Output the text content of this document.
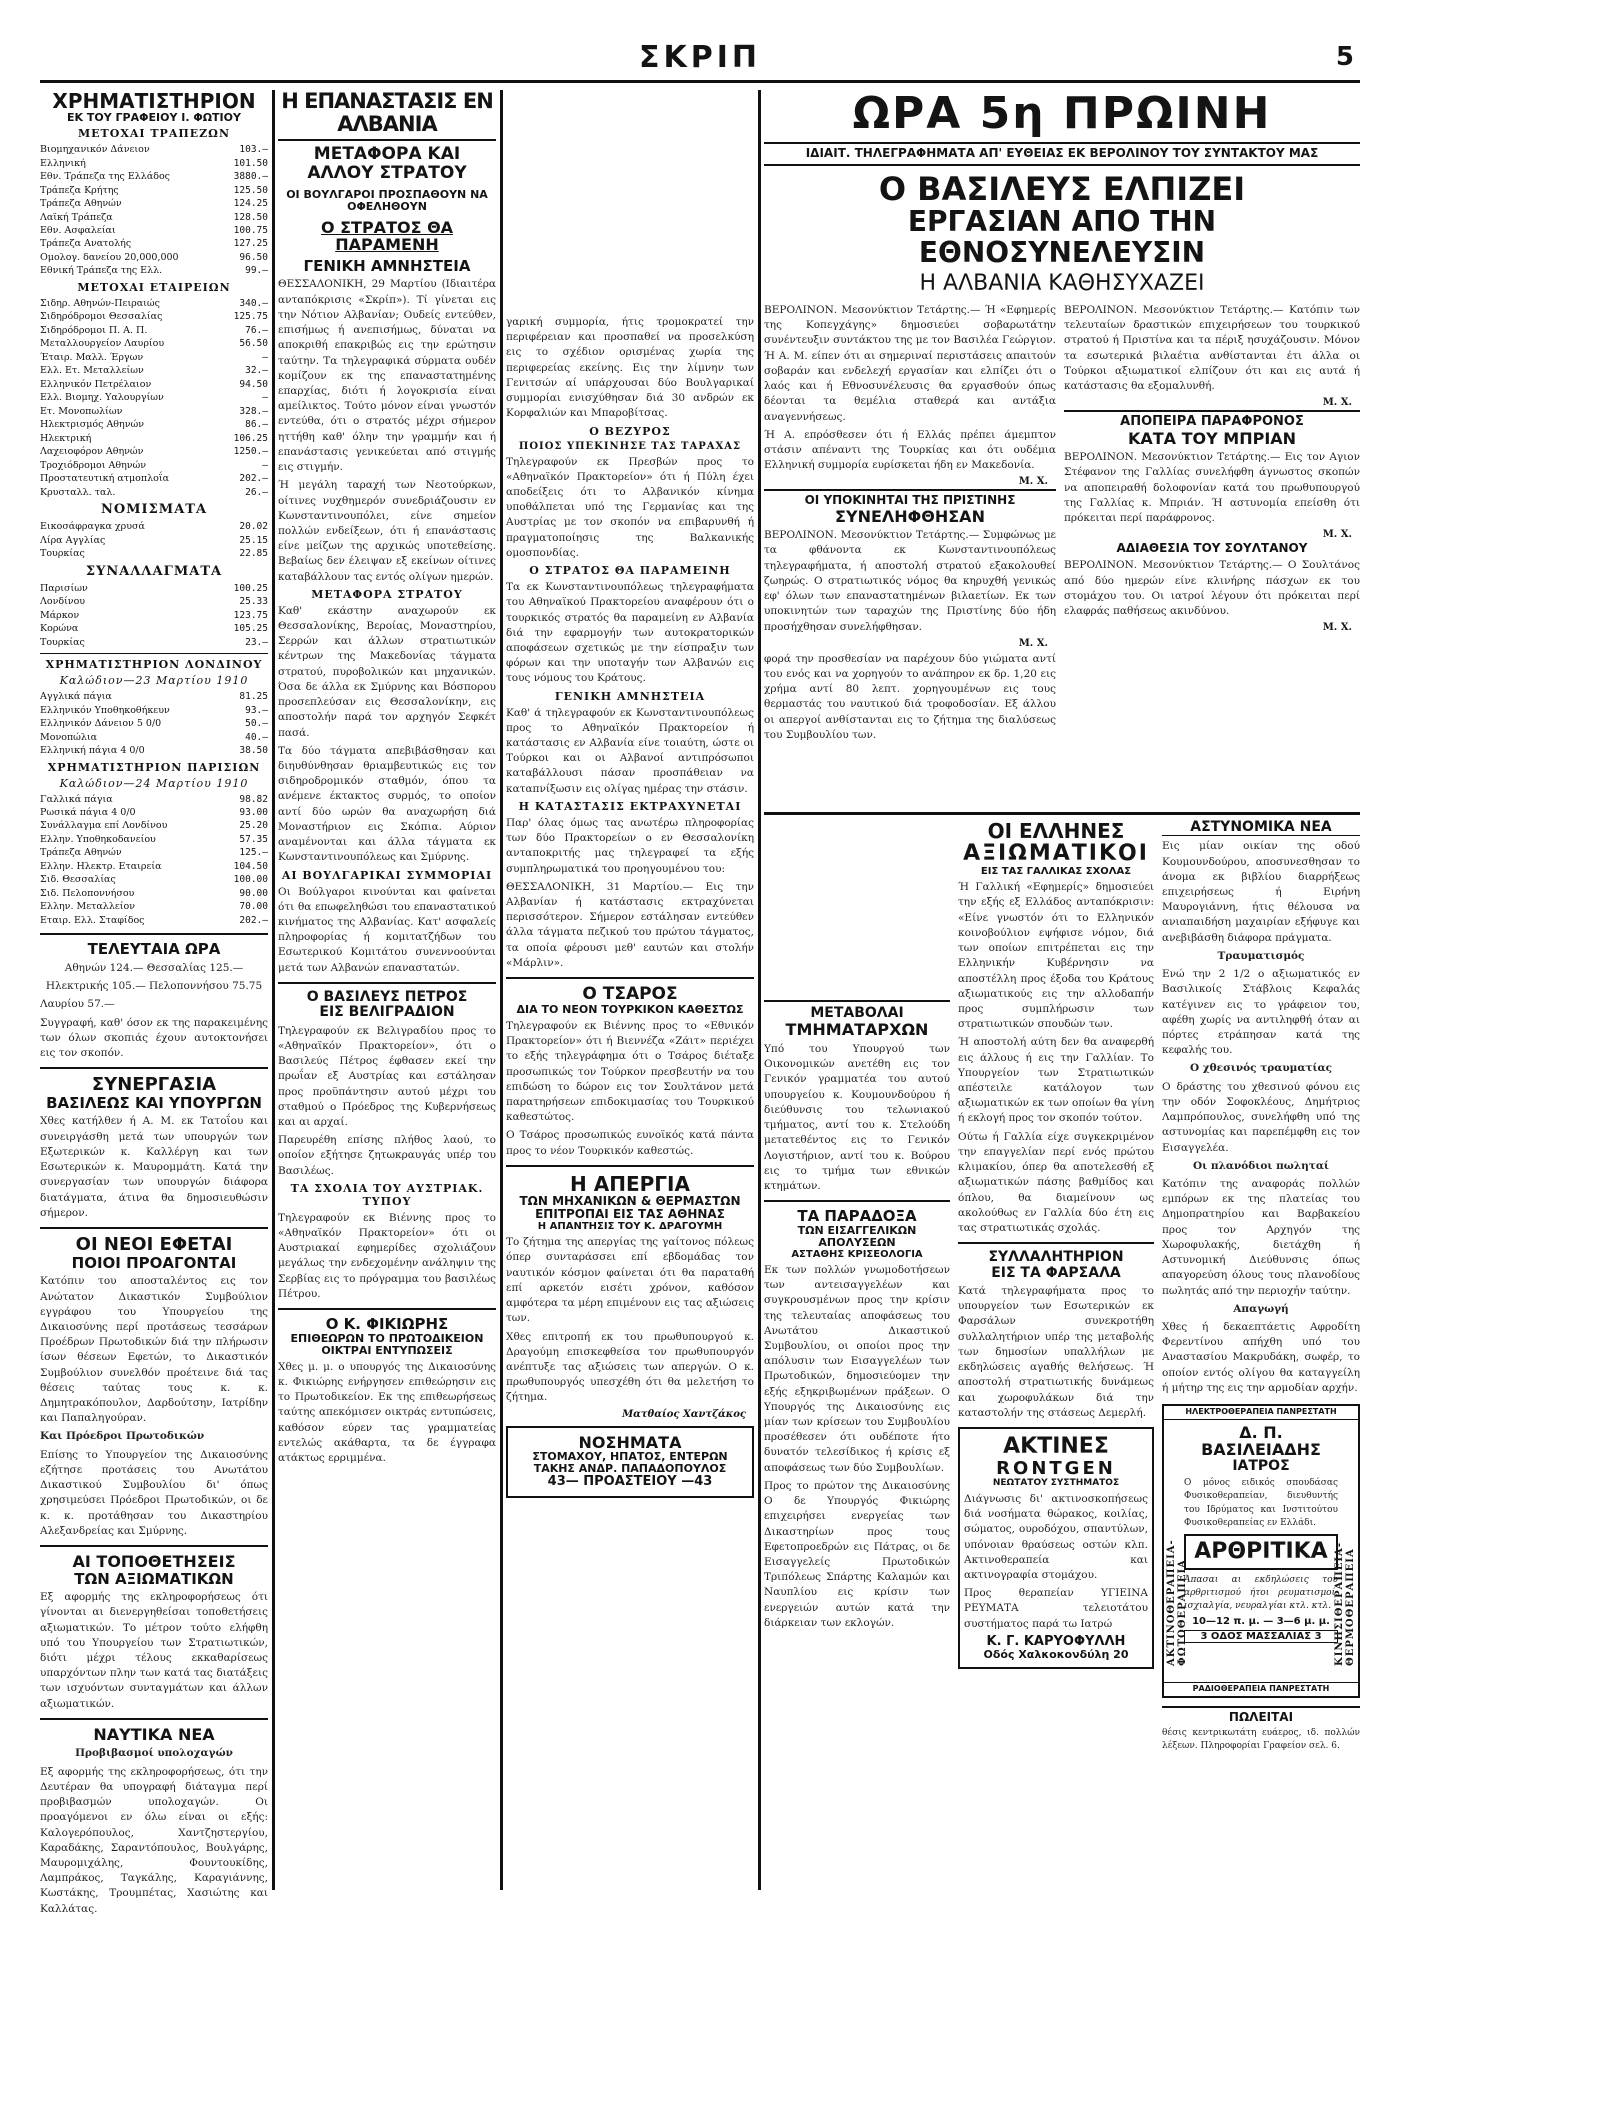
ΣΚΡΙΠ	5
ΧΡΗΜΑΤΙΣΤΗΡΙΟΝ
ΕΚ ΤΟΥ ΓΡΑΦΕΙΟΥ Ι. ΦΩΤΙΟΥ
ΜΕΤΟΧΑΙ ΤΡΑΠΕΖΩΝ
Βιομηχανικόν Δάνειον	103.—
Ελληνική	101.50
Εθν. Τράπεζα της Ελλάδος	3880.—
Τράπεζα Κρήτης	125.50
Τράπεζα Αθηνών	124.25
Λαϊκή Τράπεζα	128.50
Εθν. Ασφαλείαι	100.75
Τράπεζα Ανατολής	127.25
Ομολογ. δανείου 20,000,000	96.50
Εθνική Τράπεζα της Ελλ.	99.—
ΜΕΤΟΧΑΙ ΕΤΑΙΡΕΙΩΝ
Σιδηρ. Αθηνών-Πειραιώς	340.—
Σιδηρόδρομοι Θεσσαλίας	125.75
Σιδηρόδρομοι Π. Α. Π.	76.—
Μεταλλουργείον Λαυρίου	56.50
Έταιρ. Μαλλ. Έργων	—
Ελλ. Ετ. Μεταλλείων	32.—
Ελληνικόν Πετρέλαιον	94.50
Ελλ. Βιομηχ. Υαλουργίων	—
Ετ. Μονοπωλίων	328.—
Ηλεκτρισμός Αθηνών	86.—
Ηλεκτρική	106.25
Λαχειοφόρον Αθηνών	1250.—
Τροχιόδρομοι Αθηνών	—
Προστατευτική ατμοπλοΐα	202.—
Κρυσταλλ. ταλ.	26.—
ΝΟΜΙΣΜΑΤΑ
Εικοσάφραγκα χρυσά	20.02
Λίρα Αγγλίας	25.15
Τουρκίας	22.85
ΣΥΝΑΛΛΑΓΜΑΤΑ
Παρισίων	100.25
Λονδίνου	25.33
Μάρκον	123.75
Κορώνα	105.25
Τουρκίας	23.—
ΧΡΗΜΑΤΙΣΤΗΡΙΟΝ ΛΟΝΔΙΝΟΥ
Καλώδιον—23 Μαρτίου 1910
Αγγλικά πάγια	81.25
Ελληνικόν Υποθηκοθήκευν	93.—
Ελληνικόν Δάνειον 5 0/0	50.—
Μονοπώλια	40.—
Ελληνική πάγια 4 0/0	38.50
ΧΡΗΜΑΤΙΣΤΗΡΙΟΝ ΠΑΡΙΣΙΩΝ
Καλώδιον—24 Μαρτίου 1910
Γαλλικά πάγια	98.82
Ρωσικά πάγια 4 0/0	93.00
Συνάλλαγμα επί Λονδίνου	25.20
Ελλην. Υποθηκοδανείου	57.35
Τράπεζα Αθηνών	125.—
Ελλην. Ηλεκτρ. Εταιρεία	104.50
Σιδ. Θεσσαλίας	100.00
Σιδ. Πελοποννήσου	90.00
Ελλην. Μεταλλείον	70.00
Εταιρ. Ελλ. Σταφίδος	202.—
ΤΕΛΕΥΤΑΙΑ ΩΡΑ
Αθηνών 124.— Θεσσαλίας 125.—
Ηλεκτρικής 105.— Πελοποννήσου 75.75
Λαυρίου 57.—
Συγγραφή, καθ' όσον εκ της παρακειμένης των όλων σκοπιάς έχουν αυτοκτονήσει εις τον σκοπόν.
ΣΥΝΕΡΓΑΣΙΑ
ΒΑΣΙΛΕΩΣ ΚΑΙ ΥΠΟΥΡΓΩΝ
Χθες κατήλθεν ή Α. Μ. εκ Τατοΐου και συνειργάσθη μετά των υπουργών των Εξωτερικών κ. Καλλέργη και των Εσωτερικών κ. Μαυρομμάτη. Κατά την συνεργασίαν των υπουργών διάφορα διατάγματα, άτινα θα δημοσιευθώσιν σήμερον.
ΟΙ ΝΕΟΙ ΕΦΕΤΑΙ
ΠΟΙΟΙ ΠΡΟΑΓΟΝΤΑΙ
Κατόπιν του αποσταλέντος εις τον Ανώτατον Δικαστικόν Συμβούλιον εγγράφου του Υπουργείου της Δικαιοσύνης περί προτάσεως τεσσάρων Προέδρων Πρωτοδικών διά την πλήρωσιν ίσων θέσεων Εφετών, το Δικαστικόν Συμβούλιον συνελθόν προέτεινε διά τας θέσεις ταύτας τους κ. κ. Δημητρακόπουλον, Δαρδούτσην, Ιατρίδην και Παπαληγούραν.
Και Πρόεδροι Πρωτοδικών
Επίσης το Υπουργείον της Δικαιοσύνης εζήτησε προτάσεις του Ανωτάτου Δικαστικού Συμβουλίου δι' όπως χρησιμεύσει Πρόεδροι Πρωτοδικών, οι δε κ. κ. προτάθησαν του Δικαστηρίου Αλεξανδρείας και Σμύρνης.
ΑΙ ΤΟΠΟΘΕΤΗΣΕΙΣ
ΤΩΝ ΑΞΙΩΜΑΤΙΚΩΝ
Εξ αφορμής της εκληροφορήσεως ότι γίνονται αι διενεργηθείσαι τοποθετήσεις αξιωματικών. Το μέτρον τούτο ελήφθη υπό του Υπουργείου των Στρατιωτικών, διότι μέχρι τέλους εκκαθαρίσεως υπαρχόντων πλην των κατά τας διατάξεις των ισχυόντων συνταγμάτων και άλλων αξιωματικών.
ΝΑΥΤΙΚΑ ΝΕΑ
Προβιβασμοί υπολοχαγών
Εξ αφορμής της εκληροφορήσεως, ότι την Δευτέραν θα υπογραφή διάταγμα περί προβιβασμών υπολοχαγών. Οι προαγόμενοι εν όλω είναι οι εξής: Καλογερόπουλος, Χαντζηστεργίου, Καραδάκης, Σαραντόπουλος, Βουλγάρης, Μαυρομιχάλης, Φουντουκίδης, Λαμπράκος, Ταγκάλης, Καραγιάννης, Κωστάκης, Τρουμπέτας, Χασιώτης και Καλλάτας.
Η ΕΠΑΝΑΣΤΑΣΙΣ ΕΝ ΑΛΒΑΝΙΑ
ΜΕΤΑΦΟΡΑ ΚΑΙ ΑΛΛΟΥ ΣΤΡΑΤΟΥ
ΟΙ ΒΟΥΛΓΑΡΟΙ ΠΡΟΣΠΑΘΟΥΝ ΝΑ ΟΦΕΛΗΘΟΥΝ
Ο ΣΤΡΑΤΟΣ ΘΑ ΠΑΡΑΜΕΝΗ
ΓΕΝΙΚΗ ΑΜΝΗΣΤΕΙΑ
ΘΕΣΣΑΛΟΝΙΚΗ, 29 Μαρτίου (Ιδιαιτέρα ανταπόκρισις «Σκρίπ»). Τί γίνεται εις την Νότιον Αλβανίαν; Ουδείς εντεύθεν, επισήμως ή ανεπισήμως, δύναται να αποκριθή επακριβώς εις την ερώτησιν ταύτην. Τα τηλεγραφικά σύρματα ουδέν κομίζουν εκ της επαναστατημένης επαρχίας, διότι ή λογοκρισία είναι αμείλικτος. Τούτο μόνον είναι γνωστόν εντεύθα, ότι ο στρατός μέχρι σήμερον ηττήθη καθ' όλην την γραμμήν και ή επανάστασις γενικεύεται από στιγμής εις στιγμήν.
Ή μεγάλη ταραχή των Νεοτούρκων, οίτινες νυχθημερόν συνεδριάζουσιν εν Κωνσταντινουπόλει, είνε σημείον πολλών ενδείξεων, ότι ή επανάστασις είνε μείζων της αρχικώς υποτεθείσης. Βεβαίως δεν έλειψαν εξ εκείνων οίτινες καταβάλλουν τας εντός ολίγων ημερών.
ΜΕΤΑΦΟΡΑ ΣΤΡΑΤΟΥ
Καθ' εκάστην αναχωρούν εκ Θεσσαλονίκης, Βεροίας, Μοναστηρίου, Σερρών και άλλων στρατιωτικών κέντρων της Μακεδονίας τάγματα στρατού, πυροβολικών και μηχανικών. Όσα δε άλλα εκ Σμύρνης και Βόσπορου προσεπλεύσαν εις Θεσσαλονίκην, εις αποστολήν παρά τον αρχηγόν Σεφκέτ πασά.
Τα δύο τάγματα απεβιβάσθησαν και διηυθύνθησαν θριαμβευτικώς εις τον σιδηροδρομικόν σταθμόν, όπου τα ανέμενε έκτακτος συρμός, το οποίον αντί δύο ωρών θα αναχωρήση διά Μοναστήριον εις Σκόπια. Αύριον αναμένονται και άλλα τάγματα εκ Κωνσταντινουπόλεως και Σμύρνης.
ΑΙ ΒΟΥΛΓΑΡΙΚΑΙ ΣΥΜΜΟΡΙΑΙ
Οι Βούλγαροι κινούνται και φαίνεται ότι θα επωφεληθώσι του επαναστατικού κινήματος της Αλβανίας. Κατ' ασφαλείς πληροφορίας ή κομιτατζήδων του Εσωτερικού Κομιτάτου συνεννοούνται μετά των Αλβανών επαναστατών.
Ο ΒΑΣΙΛΕΥΣ ΠΕΤΡΟΣ
ΕΙΣ ΒΕΛΙΓΡΑΔΙΟΝ
Τηλεγραφούν εκ Βελιγραδίου προς το «Αθηναϊκόν Πρακτορείον», ότι ο Βασιλεύς Πέτρος έφθασεν εκεί την πρωΐαν εξ Αυστρίας και εστάλησαν προς προϋπάντησιν αυτού μέχρι του σταθμού ο Πρόεδρος της Κυβερνήσεως και αι αρχαί.
Παρευρέθη επίσης πλήθος λαού, το οποίον εξήτησε ζητωκραυγάς υπέρ του Βασιλέως.
ΤΑ ΣΧΟΛΙΑ ΤΟΥ ΑΥΣΤΡΙΑΚ. ΤΥΠΟΥ
Τηλεγραφούν εκ Βιέννης προς το «Αθηναϊκόν Πρακτορείον» ότι οι Αυστριακαί εφημερίδες σχολιάζουν μεγάλως την ενδεχομένην ανάληψιν της Σερβίας εις το πρόγραμμα του βασιλέως Πέτρου.
Ο Κ. ΦΙΚΙΩΡΗΣ
ΕΠΙΘΕΩΡΩΝ ΤΟ ΠΡΩΤΟΔΙΚΕΙΟΝ
ΟΙΚΤΡΑΙ ΕΝΤΥΠΩΣΕΙΣ
Χθες μ. μ. ο υπουργός της Δικαιοσύνης κ. Φικιώρης ενήργησεν επιθεώρησιν εις το Πρωτοδικείον. Εκ της επιθεωρήσεως ταύτης απεκόμισεν οικτράς εντυπώσεις, καθόσον εύρεν τας γραμματείας εντελώς ακάθαρτα, τα δε έγγραφα ατάκτως ερριμμένα.
γαρική συμμορία, ήτις τρομοκρατεί την περιφέρειαν και προσπαθεί να προσελκύση εις το σχέδιον ορισμένας χωρία της περιφερείας εκείνης. Εις την λίμνην των Γενιτσών αί υπάρχουσαι δύο Βουλγαρικαί συμμορίαι ενισχύθησαν διά 30 ανδρών εκ Κορφαλιών και Μπαροβίτσας.
Ο ΒΕΖΥΡΟΣ
ΠΟΙΟΣ ΥΠΕΚΙΝΗΣΕ ΤΑΣ ΤΑΡΑΧΑΣ
Τηλεγραφούν εκ Πρεσβών προς το «Αθηναϊκόν Πρακτορείον» ότι ή Πύλη έχει αποδείξεις ότι το Αλβανικόν κίνημα υποθάλπεται υπό της Γερμανίας και της Αυστρίας με τον σκοπόν να επιβαρυνθή ή πραγματοποίησις της Βαλκανικής ομοσπονδίας.
Ο ΣΤΡΑΤΟΣ ΘΑ ΠΑΡΑΜΕΙΝΗ
Τα εκ Κωνσταντινουπόλεως τηλεγραφήματα του Αθηναϊκού Πρακτορείου αναφέρουν ότι ο τουρκικός στρατός θα παραμείνη εν Αλβανία διά την εφαρμογήν των αυτοκρατορικών αποφάσεων σχετικώς με την είσπραξιν των φόρων και την υποταγήν των Αλβανών εις τους νόμους του Κράτους.
ΓΕΝΙΚΗ ΑΜΝΗΣΤΕΙΑ
Καθ' ά τηλεγραφούν εκ Κωνσταντινουπόλεως προς το Αθηναϊκόν Πρακτορείον ή κατάστασις εν Αλβανία είνε τοιαύτη, ώστε οι Τούρκοι και οι Αλβανοί αντιπρόσωποι καταβάλλουσι πάσαν προσπάθειαν να καταπνίξωσιν εις ολίγας ημέρας την στάσιν.
Η ΚΑΤΑΣΤΑΣΙΣ ΕΚΤΡΑΧΥΝΕΤΑΙ
Παρ' όλας όμως τας ανωτέρω πληροφορίας των δύο Πρακτορείων ο εν Θεσσαλονίκη ανταποκριτής μας τηλεγραφεί τα εξής συμπληρωματικά του προηγουμένου του:
ΘΕΣΣΑΛΟΝΙΚΗ, 31 Μαρτίου.— Εις την Αλβανίαν ή κατάστασις εκτραχύνεται περισσότερον. Σήμερον εστάλησαν εντεύθεν άλλα τάγματα πεζικού του πρώτου τάγματος, τα οποία φέρουσι μεθ' εαυτών και στολήν «Μάρλιν».
Ο ΤΣΑΡΟΣ
ΔΙΑ ΤΟ ΝΕΟΝ ΤΟΥΡΚΙΚΟΝ ΚΑΘΕΣΤΩΣ
Τηλεγραφούν εκ Βιέννης προς το «Εθνικόν Πρακτορείον» ότι ή Βιεννέζα «Ζάιτ» περιέχει το εξής τηλεγράφημα ότι ο Τσάρος διέταξε προσωπικώς τον Τούρκον πρεσβευτήν να του επιδώση το δώρον εις τον Σουλτάνον μετά παρατηρήσεων επιδοκιμασίας του Τουρκικού καθεστώτος.
Ο Τσάρος προσωπικώς ευνοϊκός κατά πάντα προς το νέον Τουρκικόν καθεστώς.
Η ΑΠΕΡΓΙΑ
ΤΩΝ ΜΗΧΑΝΙΚΩΝ & ΘΕΡΜΑΣΤΩΝ
ΕΠΙΤΡΟΠΑΙ ΕΙΣ ΤΑΣ ΑΘΗΝΑΣ
Η ΑΠΑΝΤΗΣΙΣ ΤΟΥ Κ. ΔΡΑΓΟΥΜΗ
Το ζήτημα της απεργίας της γαίτονος πόλεως όπερ συνταράσσει επί εβδομάδας τον ναυτικόν κόσμον φαίνεται ότι θα παραταθή επί αρκετόν εισέτι χρόνον, καθόσον αμφότερα τα μέρη επιμένουν εις τας αξιώσεις των.
Χθες επιτροπή εκ του πρωθυπουργού κ. Δραγούμη επισκεφθείσα τον πρωθυπουργόν ανέπτυξε τας αξιώσεις των απεργών. Ο κ. πρωθυπουργός υπεσχέθη ότι θα μελετήση το ζήτημα.
Ματθαίος Χαντζάκος
ΝΟΣΗΜΑΤΑ
ΣΤΟΜΑΧΟΥ, ΗΠΑΤΟΣ, ΕΝΤΕΡΩΝ
ΤΑΚΗΣ ΑΝΔΡ. ΠΑΠΑΔΟΠΟΥΛΟΣ
43— ΠΡΟΑΣΤΕΙΟΥ —43
ΩΡΑ 5η ΠΡΩΙΝΗ
ΙΔΙΑΙΤ. ΤΗΛΕΓΡΑΦΗΜΑΤΑ ΑΠ' ΕΥΘΕΙΑΣ ΕΚ ΒΕΡΟΛΙΝΟΥ ΤΟΥ ΣΥΝΤΑΚΤΟΥ ΜΑΣ
Ο ΒΑΣΙΛΕΥΣ ΕΛΠΙΖΕΙ
ΕΡΓΑΣΙΑΝ ΑΠΟ ΤΗΝ ΕΘΝΟΣΥΝΕΛΕΥΣΙΝ
Η ΑΛΒΑΝΙΑ ΚΑΘΗΣΥΧΑΖΕΙ
ΒΕΡΟΛΙΝΟΝ. Μεσονύκτιον Τετάρτης.— Ή «Εφημερίς της Κοπεγχάγης» δημοσιεύει σοβαρωτάτην συνέντευξιν συντάκτου της με τον Βασιλέα Γεώργιον. Ή Α. Μ. είπεν ότι αι σημεριναί περιστάσεις απαιτούν σοβαράν και ενδελεχή εργασίαν και ελπίζει ότι ο λαός και ή Εθνοσυνέλευσις θα εργασθούν όπως δέονται τα θεμέλια σταθερά και αντάξια αναγεννήσεως.
Ή Α. επρόσθεσεν ότι ή Ελλάς πρέπει άμεμπτον στάσιν απέναντι της Τουρκίας και ότι ουδέμια Ελληνική συμμορία ευρίσκεται ήδη εν Μακεδονία.
Μ. Χ.
ΟΙ ΥΠΟΚΙΝΗΤΑΙ ΤΗΣ ΠΡΙΣΤΙΝΗΣ
ΣΥΝΕΛΗΦΘΗΣΑΝ
ΒΕΡΟΛΙΝΟΝ. Μεσονύκτιον Τετάρτης.— Συμφώνως με τα φθάνοντα εκ Κωνσταντινουπόλεως τηλεγραφήματα, ή αποστολή στρατού εξακολουθεί ζωηρώς. Ο στρατιωτικός νόμος θα κηρυχθή γενικώς εφ' όλων των επαναστατημένων βιλαετίων. Εκ των υποκινητών των ταραχών της Πριστίνης δύο ήδη προσήχθησαν συνελήφθησαν.
Μ. Χ.
φορά την προσθεσίαν να παρέχουν δύο γιώματα αντί του ενός και να χορηγούν το ανάπηρον εκ δρ. 1,20 εις χρήμα αντί 80 λεπτ. χορηγουμένων εις τους θερμαστάς του ναυτικού διά τροφοδοσίαν. Εξ άλλου οι απεργοί ανθίστανται εις το ζήτημα της διαλύσεως του Συμβουλίου των.
ΒΕΡΟΛΙΝΟΝ. Μεσονύκτιον Τετάρτης.— Κατόπιν των τελευταίων δραστικών επιχειρήσεων του τουρκικού στρατού ή Πριστίνα και τα πέριξ ησυχάζουσιν. Μόνον τα εσωτερικά βιλαέτια ανθίστανται έτι άλλα οι Τούρκοι αξιωματικοί ελπίζουν ότι και εις αυτά ή κατάστασις θα εξομαλυνθή.
Μ. Χ.
ΑΠΟΠΕΙΡΑ ΠΑΡΑΦΡΟΝΟΣ
ΚΑΤΑ ΤΟΥ ΜΠΡΙΑΝ
ΒΕΡΟΛΙΝΟΝ. Μεσονύκτιον Τετάρτης.— Εις τον Αγιον Στέφανον της Γαλλίας συνελήφθη άγνωστος σκοπών να αποπειραθή δολοφονίαν κατά του πρωθυπουργού της Γαλλίας κ. Μπριάν. Ή αστυνομία επείσθη ότι πρόκειται περί παράφρονος.
Μ. Χ.
ΑΔΙΑΘΕΣΙΑ ΤΟΥ ΣΟΥΛΤΑΝΟΥ
ΒΕΡΟΛΙΝΟΝ. Μεσονύκτιον Τετάρτης.— Ο Σουλτάνος από δύο ημερών είνε κλινήρης πάσχων εκ του στομάχου του. Οι ιατροί λέγουν ότι πρόκειται περί ελαφράς παθήσεως ακινδύνου.
Μ. Χ.
ΜΕΤΑΒΟΛΑΙ
ΤΜΗΜΑΤΑΡΧΩΝ
Υπό του Υπουργού των Οικονομικών ανετέθη εις τον Γενικόν γραμματέα του αυτού υπουργείου κ. Κουμουνδούρου ή διεύθυνσις του τελωνιακού τμήματος, αντί του κ. Στελούδη μετατεθέντος εις το Γενικόν Λογιστήριον, αντί του κ. Βούρου εις το τμήμα των εθνικών κτημάτων.
ΤΑ ΠΑΡΑΔΟΞΑ
ΤΩΝ ΕΙΣΑΓΓΕΛΙΚΩΝ ΑΠΟΛΥΣΕΩΝ
ΑΣΤΑΘΗΣ ΚΡΙΣΕΟΛΟΓΙΑ
Εκ των πολλών γνωμοδοτήσεων των αντεισαγγελέων και συγκρουσμένων προς την κρίσιν της τελευταίας αποφάσεως του Ανωτάτου Δικαστικού Συμβουλίου, οι οποίοι προς την απόλυσιν των Εισαγγελέων των Πρωτοδικών, δημοσιεύομεν την εξής εξηκριβωμένων πράξεων. Ο Υπουργός της Δικαιοσύνης εις μίαν των κρίσεων του Συμβουλίου προσέθεσεν ότι ουδέποτε ήτο δυνατόν τελεσίδικος ή κρίσις εξ αποφάσεως των δύο Συμβουλίων.
Προς το πρώτον της Δικαιοσύνης Ο δε Υπουργός Φικιώρης επιχειρήσει ενεργείας των Δικαστηρίων προς τους Εφετοπροεδρών εις Πάτρας, οι δε Εισαγγελείς Πρωτοδικών Τριπόλεως Σπάρτης Καλαμών και Ναυπλίου εις κρίσιν των ενεργειών αυτών κατά την διάρκειαν των εκλογών.
ΟΙ ΕΛΛΗΝΕΣ
ΑΞΙΩΜΑΤΙΚΟΙ
ΕΙΣ ΤΑΣ ΓΑΛΛΙΚΑΣ ΣΧΟΛΑΣ
Ή Γαλλική «Εφημερίς» δημοσιεύει την εξής εξ Ελλάδος ανταπόκρισιν: «Είνε γνωστόν ότι το Ελληνικόν κοινοβούλιον εψήφισε νόμον, διά των οποίων επιτρέπεται εις την Ελληνικήν Κυβέρνησιν να αποστέλλη προς έξοδα του Κράτους αξιωματικούς εις την αλλοδαπήν προς συμπλήρωσιν των στρατιωτικών σπουδών των.
Ή αποστολή αύτη δεν θα αναφερθή εις άλλους ή εις την Γαλλίαν. Το Υπουργείον των Στρατιωτικών απέστειλε κατάλογον των αξιωματικών εκ των οποίων θα γίνη ή εκλογή προς τον σκοπόν τούτον.
Ούτω ή Γαλλία είχε συγκεκριμένον την επαγγελίαν περί ενός πρώτου κλιμακίου, όπερ θα αποτελεσθή εξ αξιωματικών πάσης βαθμίδος και όπλου, θα διαμείνουν ως ακολούθως εν Γαλλία δύο έτη εις τας στρατιωτικάς σχολάς.
ΣΥΛΛΑΛΗΤΗΡΙΟΝ
ΕΙΣ ΤΑ ΦΑΡΣΑΛΑ
Κατά τηλεγραφήματα προς το υπουργείον των Εσωτερικών εκ Φαρσάλων συνεκροτήθη συλλαλητήριον υπέρ της μεταβολής των δημοσίων υπαλλήλων με εκδηλώσεις αγαθής θελήσεως. Ή αποστολή στρατιωτικής δυνάμεως και χωροφυλάκων διά την καταστολήν της στάσεως Δεμερλή.
ΑΚΤΙΝΕΣ
RONTGEN
ΝΕΩΤΑΤΟΥ ΣΥΣΤΗΜΑΤΟΣ
Διάγνωσις δι' ακτινοσκοπήσεως διά νοσήματα θώρακος, κοιλίας, σώματος, ουροδόχου, σπαντύλων, υπόνοιαν θραύσεως οστών κλπ. Ακτινοθεραπεία και ακτινογραφία στομάχου.
Προς θεραπείαν ΥΓΙΕΙΝΑ ΡΕΥΜΑΤΑ τελειοτάτου συστήματος παρά τω Ιατρώ
Κ. Γ. ΚΑΡΥΟΦΥΛΛΗ
Οδός Χαλκοκονδύλη 20
ΑΣΤΥΝΟΜΙΚΑ ΝΕΑ
Εις μίαν οικίαν της οδού Κουμουνδούρου, αποσυνεσθησαν το άνομα εκ βιβλίου διαρρήξεως επιχειρήσεως ή Ειρήνη Μαυρογιάννη, ήτις θέλουσα να ανιαπαιδήση μαχαιρίαν εξήφυγε και ανεβιβάσθη διάφορα πράγματα.
Τραυματισμός
Ενώ την 2 1/2 ο αξιωματικός εν Βασιλικοίς Στάβλοις Κεφαλάς κατέγινεν εις το γράφειον του, αφέθη χωρίς να αντιληφθή όταν αι πόρτες ετράπησαν κατά της κεφαλής του.
Ο χθεσινός τραυματίας
Ο δράστης του χθεσινού φόνου εις την οδόν Σοφοκλέους, Δημήτριος Λαμπρόπουλος, συνελήφθη υπό της αστυνομίας και παρεπέμφθη εις τον Εισαγγελέα.
Οι πλανόδιοι πωληταί
Κατόπιν της αναφοράς πολλών εμπόρων εκ της πλατείας του Δημοπρατηρίου και Βαρβακείου προς τον Αρχηγόν της Χωροφυλακής, διετάχθη ή Αστυνομική Διεύθυνσις όπως απαγορεύση όλους τους πλανοδίους πωλητάς από την περιοχήν ταύτην.
Απαγωγή
Χθες ή δεκαεπτάετις Αφροδίτη Φερεντίνου απήχθη υπό του Αναστασίου Μακρυδάκη, σωφέρ, το οποίον εντός ολίγου θα καταγγείλη ή μήτηρ της εις την αρμοδίαν αρχήν.
ΗΛΕΚΤΡΟΘΕΡΑΠΕΙΑ ΠΑΝΡΕΣΤΑΤΗ
ΑΚΤΙΝΟΘΕΡΑΠΕΙΑ-ΦΩΤΟΘΕΡΑΠΕΙΑ	ΚΙΝΗΣΙΘΕΡΑΠΕΙΑ-ΘΕΡΜΟΘΕΡΑΠΕΙΑ
Δ. Π. ΒΑΣΙΛΕΙΑΔΗΣ
ΙΑΤΡΟΣ
Ο μόνος ειδικός σπουδάσας Φυσικοθεραπείαν, διευθυντής του Ιδρύματος και Ινστιτούτου Φυσικοθεραπείας εν Ελλάδι.
ΑΡΘΡΙΤΙΚΑ
Άπασαι αι εκδηλώσεις του αρθριτισμού ήτοι ρευματισμοί, ισχιαλγία, νευραλγίαι κτλ. κτλ.
10—12 π. μ. — 3—6 μ. μ.
3 ΟΔΟΣ ΜΑΣΣΑΛΙΑΣ 3
ΡΑΔΙΟΘΕΡΑΠΕΙΑ ΠΑΝΡΕΣΤΑΤΗ
ΠΩΛΕΙΤΑΙ
θέσις κεντρικωτάτη ευάερος, ιδ. πολλών λέξεων. Πληροφορίαι Γραφείον σελ. 6.
